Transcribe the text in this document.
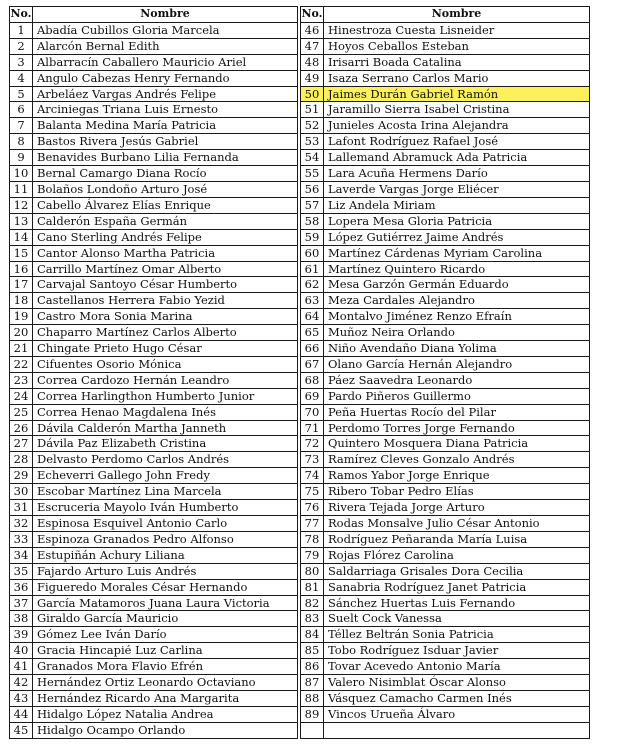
No.	Nombre
1	Abadía Cubillos Gloria Marcela
2	Alarcón Bernal Edith
3	Albarracín Caballero Mauricio Ariel
4	Angulo Cabezas Henry Fernando
5	Arbeláez Vargas Andrés Felipe
6	Arciniegas Triana Luis Ernesto
7	Balanta Medina María Patricia
8	Bastos Rivera Jesús Gabriel
9	Benavides Burbano Lilia Fernanda
10	Bernal Camargo Diana Rocío
11	Bolaños Londoño Arturo José
12	Cabello Álvarez Elías Enrique
13	Calderón España Germán
14	Cano Sterling Andrés Felipe
15	Cantor Alonso Martha Patricia
16	Carrillo Martínez Omar Alberto
17	Carvajal Santoyo César Humberto
18	Castellanos Herrera Fabio Yezid
19	Castro Mora Sonia Marina
20	Chaparro Martínez Carlos Alberto
21	Chingate Prieto Hugo César
22	Cifuentes Osorio Mónica
23	Correa Cardozo Hernán Leandro
24	Correa Harlingthon Humberto Junior
25	Correa Henao Magdalena Inés
26	Dávila Calderón Martha Janneth
27	Dávila Paz Elizabeth Cristina
28	Delvasto Perdomo Carlos Andrés
29	Echeverri Gallego John Fredy
30	Escobar Martínez Lina Marcela
31	Escruceria Mayolo Iván Humberto
32	Espinosa Esquivel Antonio Carlo
33	Espinoza Granados Pedro Alfonso
34	Estupiñán Achury Liliana
35	Fajardo Arturo Luis Andrés
36	Figueredo Morales César Hernando
37	García Matamoros Juana Laura Victoria
38	Giraldo García Mauricio
39	Gómez Lee Iván Darío
40	Gracia Hincapié Luz Carlina
41	Granados Mora Flavio Efrén
42	Hernández Ortiz Leonardo Octaviano
43	Hernández Ricardo Ana Margarita
44	Hidalgo López Natalia Andrea
45	Hidalgo Ocampo Orlando
No.	Nombre
46	Hinestroza Cuesta Lisneider
47	Hoyos Ceballos Esteban
48	Irisarri Boada Catalina
49	Isaza Serrano Carlos Mario
50	Jaimes Durán Gabriel Ramón
51	Jaramillo Sierra Isabel Cristina
52	Junieles Acosta Irina Alejandra
53	Lafont Rodríguez Rafael José
54	Lallemand Abramuck Ada Patricia
55	Lara Acuña Hermens Darío
56	Laverde Vargas Jorge Eliécer
57	Liz Andela Miriam
58	Lopera Mesa Gloria Patricia
59	López Gutiérrez Jaime Andrés
60	Martínez Cárdenas Myriam Carolina
61	Martínez Quintero Ricardo
62	Mesa Garzón Germán Eduardo
63	Meza Cardales Alejandro
64	Montalvo Jiménez Renzo Efraín
65	Muñoz Neira Orlando
66	Niño Avendaño Diana Yolima
67	Olano García Hernán Alejandro
68	Páez Saavedra Leonardo
69	Pardo Piñeros Guillermo
70	Peña Huertas Rocío del Pilar
71	Perdomo Torres Jorge Fernando
72	Quintero Mosquera Diana Patricia
73	Ramírez Cleves Gonzalo Andrés
74	Ramos Yabor Jorge Enrique
75	Ribero Tobar Pedro Elías
76	Rivera Tejada Jorge Arturo
77	Rodas Monsalve Julio César Antonio
78	Rodríguez Peñaranda María Luisa
79	Rojas Flórez Carolina
80	Saldarriaga Grisales Dora Cecilia
81	Sanabria Rodríguez Janet Patricia
82	Sánchez Huertas Luis Fernando
83	Suelt Cock Vanessa
84	Téllez Beltrán Sonia Patricia
85	Tobo Rodríguez Isduar Javier
86	Tovar Acevedo Antonio María
87	Valero Nisimblat Óscar Alonso
88	Vásquez Camacho Carmen Inés
89	Vincos Urueña Álvaro
